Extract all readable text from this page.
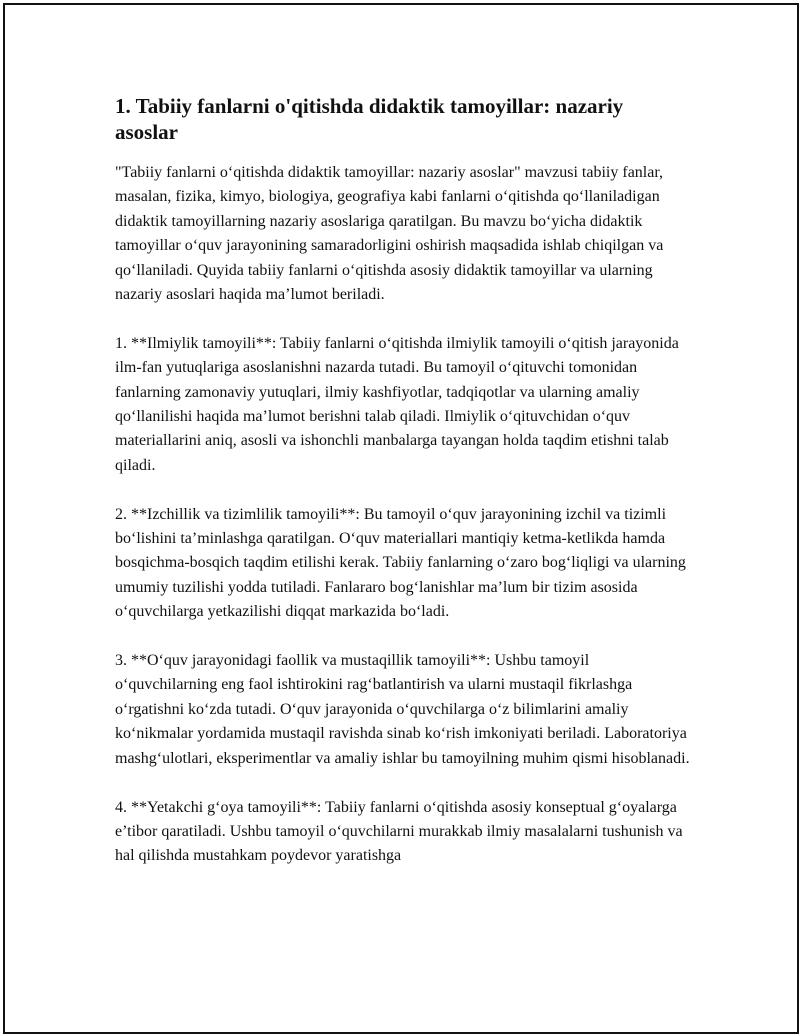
1. Tabiiy fanlarni o'qitishda didaktik tamoyillar: nazariy asoslar

"Tabiiy fanlarni o‘qitishda didaktik tamoyillar: nazariy asoslar" mavzusi tabiiy fanlar, masalan, fizika, kimyo, biologiya, geografiya kabi fanlarni o‘qitishda qo‘llaniladigan didaktik tamoyillarning nazariy asoslariga qaratilgan. Bu mavzu bo‘yicha didaktik tamoyillar o‘quv jarayonining samaradorligini oshirish maqsadida ishlab chiqilgan va qo‘llaniladi. Quyida tabiiy fanlarni o‘qitishda asosiy didaktik tamoyillar va ularning nazariy asoslari haqida ma’lumot beriladi.

1. **Ilmiylik tamoyili**: Tabiiy fanlarni o‘qitishda ilmiylik tamoyili o‘qitish jarayonida ilm-fan yutuqlariga asoslanishni nazarda tutadi. Bu tamoyil o‘qituvchi tomonidan fanlarning zamonaviy yutuqlari, ilmiy kashfiyotlar, tadqiqotlar va ularning amaliy qo‘llanilishi haqida ma’lumot berishni talab qiladi. Ilmiylik o‘qituvchidan o‘quv materiallarini aniq, asosli va ishonchli manbalarga tayangan holda taqdim etishni talab qiladi.

2. **Izchillik va tizimlilik tamoyili**: Bu tamoyil o‘quv jarayonining izchil va tizimli bo‘lishini ta’minlashga qaratilgan. O‘quv materiallari mantiqiy ketma-ketlikda hamda bosqichma-bosqich taqdim etilishi kerak. Tabiiy fanlarning o‘zaro bog‘liqligi va ularning umumiy tuzilishi yodda tutiladi. Fanlararo bog‘lanishlar ma’lum bir tizim asosida o‘quvchilarga yetkazilishi diqqat markazida bo‘ladi.

3. **O‘quv jarayonidagi faollik va mustaqillik tamoyili**: Ushbu tamoyil o‘quvchilarning eng faol ishtirokini rag‘batlantirish va ularni mustaqil fikrlashga o‘rgatishni ko‘zda tutadi. O‘quv jarayonida o‘quvchilarga o‘z bilimlarini amaliy ko‘nikmalar yordamida mustaqil ravishda sinab ko‘rish imkoniyati beriladi. Laboratoriya mashg‘ulotlari, eksperimentlar va amaliy ishlar bu tamoyilning muhim qismi hisoblanadi.

4. **Yetakchi g‘oya tamoyili**: Tabiiy fanlarni o‘qitishda asosiy konseptual g‘oyalarga e’tibor qaratiladi. Ushbu tamoyil o‘quvchilarni murakkab ilmiy masalalarni tushunish va hal qilishda mustahkam poydevor yaratishga
